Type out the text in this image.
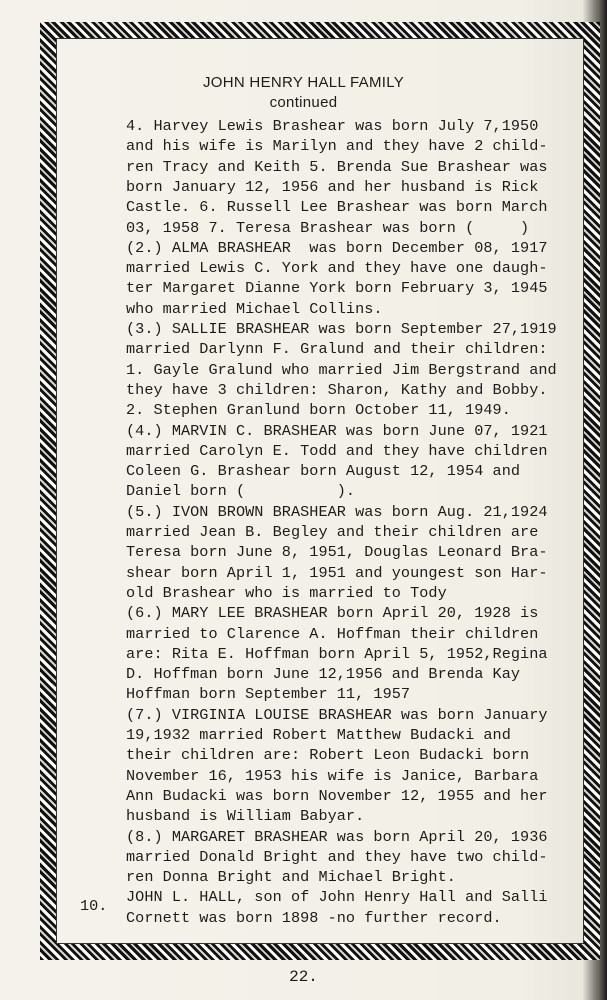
JOHN HENRY HALL FAMILY
continued
4. Harvey Lewis Brashear was born July 7,1950
and his wife is Marilyn and they have 2 child-
ren Tracy and Keith 5. Brenda Sue Brashear was
born January 12, 1956 and her husband is Rick
Castle. 6. Russell Lee Brashear was born March
03, 1958 7. Teresa Brashear was born (     )
(2.) ALMA BRASHEAR  was born December 08, 1917
married Lewis C. York and they have one daugh-
ter Margaret Dianne York born February 3, 1945
who married Michael Collins.
(3.) SALLIE BRASHEAR was born September 27,1919
married Darlynn F. Gralund and their children:
1. Gayle Gralund who married Jim Bergstrand and
they have 3 children: Sharon, Kathy and Bobby.
2. Stephen Granlund born October 11, 1949.
(4.) MARVIN C. BRASHEAR was born June 07, 1921
married Carolyn E. Todd and they have children
Coleen G. Brashear born August 12, 1954 and
Daniel born (          ).
(5.) IVON BROWN BRASHEAR was born Aug. 21,1924
married Jean B. Begley and their children are
Teresa born June 8, 1951, Douglas Leonard Bra-
shear born April 1, 1951 and youngest son Har-
old Brashear who is married to Tody
(6.) MARY LEE BRASHEAR born April 20, 1928 is
married to Clarence A. Hoffman their children
are: Rita E. Hoffman born April 5, 1952,Regina
D. Hoffman born June 12,1956 and Brenda Kay
Hoffman born September 11, 1957
(7.) VIRGINIA LOUISE BRASHEAR was born January
19,1932 married Robert Matthew Budacki and
their children are: Robert Leon Budacki born
November 16, 1953 his wife is Janice, Barbara
Ann Budacki was born November 12, 1955 and her
husband is William Babyar.
(8.) MARGARET BRASHEAR was born April 20, 1936
married Donald Bright and they have two child-
ren Donna Bright and Michael Bright.
JOHN L. HALL, son of John Henry Hall and Salli
Cornett was born 1898 -no further record.
10.
22.
